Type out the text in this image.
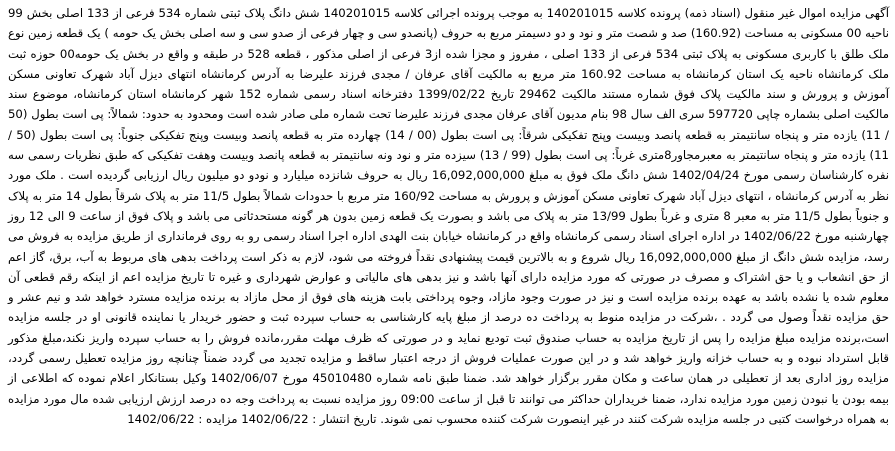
آگهی مزایده اموال غیر منقول (اسناد ذمه) پرونده کلاسه 140201015 به موجب پرونده اجرائی کلاسه 140201015 شش دانگ پلاک ثبتی شماره 534 فرعی از 133 اصلی بخش 99 ناحیه 00 مسکونی به مساحت (160.92) صد و شصت متر و نود و دو دسیمتر مربع به حروف (پانصدو سی و چهار فرعی از صدو سی و سه اصلی بخش یک حومه ) یک قطعه زمین نوع ملک طلق با کاربری مسکونی به پلاک ثبتی 534 فرعی از 133 اصلی ، مفروز و مجزا شده از3 فرعی از اصلی مذکور ، قطعه 528 در طبقه و واقع در بخش یک حومه00 حوزه ثبت ملک کرمانشاه ناحیه یک استان کرمانشاه به مساحت 160.92 متر مربع به مالکیت آقای عرفان / مجدی فرزند علیرضا به آدرس کرمانشاه انتهای دیزل آباد شهرک تعاونی مسکن آموزش و پرورش و سند مالکیت پلاک فوق شماره مستند مالکیت 29462 تاریخ 1399/02/22 دفترخانه اسناد رسمی شماره 152 شهر کرمانشاه استان کرمانشاه، موضوع سند مالکیت اصلی بشماره چاپی 597720 سری الف سال 98 بنام مدیون آقای عرفان مجدی فرزند علیرضا تحت شماره ملی صادر شده است ومحدود به حدود: شمالاً: پی است بطول (50 / 11) یازده متر و پنجاه سانتیمتر به قطعه پانصد وبیست وپنج تفکیکی شرقاً: پی است بطول (00 / 14) چهارده متر به قطعه پانصد وبیست وپنج تفکیکی جنوباً: پی است بطول (50 / 11) یازده متر و پنجاه سانتیمتر به معبرمجاور8متری غرباً: پی است بطول (99 / 13) سیزده متر و نود ونه سانتیمتر به قطعه پانصد وبیست وهفت تفکیکی که طبق نظریات رسمی سه نفره کارشناسان رسمی مورخ 1402/04/24 شش دانگ ملک فوق به مبلغ 16,092,000,000 ریال به حروف شانزده میلیارد و نودو دو میلیون ریال ارزیابی گردیده است . ملک مورد نظر به آدرس کرمانشاه ، انتهای دیزل آباد شهرک تعاونی مسکن آموزش و پرورش به مساحت 160/92 متر مربع با حدودات شمالاً بطول 11/5 متر به پلاک شرقاً بطول 14 متر به پلاک و جنوباً بطول 11/5 متر به معبر 8 متری و غرباً بطول 13/99 متر به پلاک می باشد و بصورت یک قطعه زمین بدون هر گونه مستحدثاتی می باشد و پلاک فوق از ساعت 9 الی 12 روز چهارشنبه مورخ 1402/06/22 در اداره اجرای اسناد رسمی کرمانشاه واقع در کرمانشاه خیابان بنت الهدی اداره اجرا اسناد رسمی رو به روی فرمانداری از طریق مزایده به فروش می رسد، مزایده شش دانگ از مبلغ 16,092,000,000 ریال شروع و به بالاترین قیمت پیشنهادی نقداً فروخته می شود، لازم به ذکر است پرداخت بدهی های مربوط به آب، برق، گاز اعم از حق انشعاب و یا حق اشتراک و مصرف در صورتی که مورد مزایده دارای آنها باشد و نیز بدهی های مالیاتی و عوارض شهرداری و غیره تا تاریخ مزایده اعم از اینکه رقم قطعی آن معلوم شده یا نشده باشد به عهده برنده مزایده است و نیز در صورت وجود مازاد، وجوه پرداختی بابت هزینه های فوق از محل مازاد به برنده مزایده مسترد خواهد شد و نیم عشر و حق مزایده نقداً وصول می گردد . ،شرکت در مزایده منوط به پرداخت ده درصد از مبلغ پایه کارشناسی به حساب سپرده ثبت و حضور خریدار یا نماینده قانونی او در جلسه مزایده است،برنده مزایده مبلغ مزایده را پس از تاریخ مزایده به حساب صندوق ثبت توديع نمايد و در صورتی که ظرف مهلت مقرر،مانده فروش را به حساب سپرده واریز نکند،مبلغ مذکور قابل استرداد نبوده و به حساب خزانه واریز خواهد شد و در این صورت عملیات فروش از درجه اعتبار ساقط و مزایده تجدید می گردد ضمناً چنانچه روز مزایده تعطیل رسمی گردد، مزایده روز اداری بعد از تعطیلی در همان ساعت و مکان مقرر برگزار خواهد شد. ضمنا طبق نامه شماره 45010480 مورخ 1402/06/07 وکیل بستانکار اعلام نموده که اطلاعی از بیمه بودن یا نبودن زمین مورد مزایده ندارد، ضمنا خریداران حداکثر می توانند تا قبل از ساعت 09:00 روز مزایده نسبت به پرداخت وجه ده درصد ارزش ارزیابی شده مال مورد مزایده به همراه درخواست کتبی در جلسه مزایده شرکت کنند در غیر اینصورت شرکت کننده محسوب نمی شوند. تاریخ انتشار : 1402/06/22 مزایده : 1402/06/22
